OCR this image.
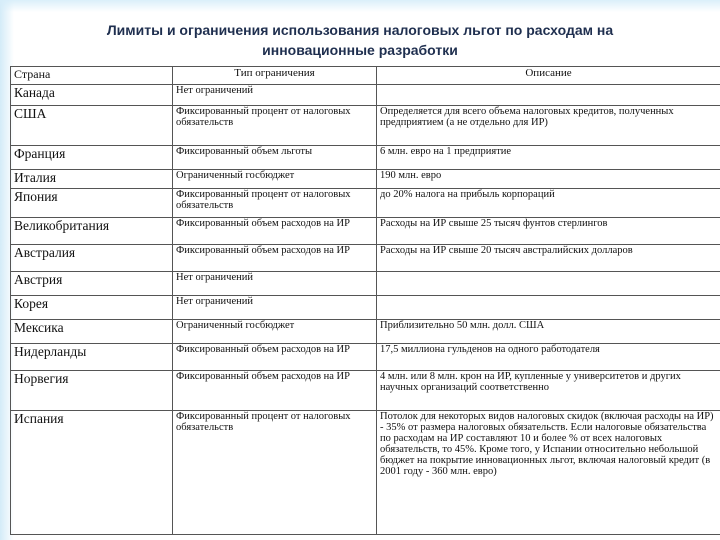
Лимиты и ограничения использования налоговых льгот по расходам на
инновационные разработки
Страна	Тип ограничения	Описание
Канада	Нет ограничений	
США	Фиксированный процент от налоговых обязательств	Определяется для всего объема налоговых кредитов, полученных предприятием (а не отдельно для ИР)
Франция	Фиксированный объем льготы	6 млн. евро на 1 предприятие
Италия	Ограниченный госбюджет	190 млн. евро
Япония	Фиксированный процент от налоговых обязательств	до 20% налога на прибыль корпораций
Великобритания	Фиксированный объем расходов на ИР	Расходы на ИР свыше 25 тысяч фунтов стерлингов
Австралия	Фиксированный объем расходов на ИР	Расходы на ИР свыше 20 тысяч австралийских долларов
Австрия	Нет ограничений	
Корея	Нет ограничений	
Мексика	Ограниченный госбюджет	Приблизительно 50 млн. долл. США
Нидерланды	Фиксированный объем расходов на ИР	17,5 миллиона гульденов на одного работодателя
Норвегия	Фиксированный объем расходов на ИР	4 млн. или 8 млн. крон на ИР, купленные у университетов и других научных организаций соответственно
Испания	Фиксированный процент от налоговых обязательств	Потолок для некоторых видов налоговых скидок (включая расходы на ИР) - 35% от размера налоговых обязательств. Если налоговые обязательства по расходам на ИР составляют 10 и более % от всех налоговых обязательств, то 45%. Кроме того, у Испании относительно небольшой бюджет на покрытие инновационных льгот, включая налоговый кредит (в 2001 году - 360 млн. евро)
